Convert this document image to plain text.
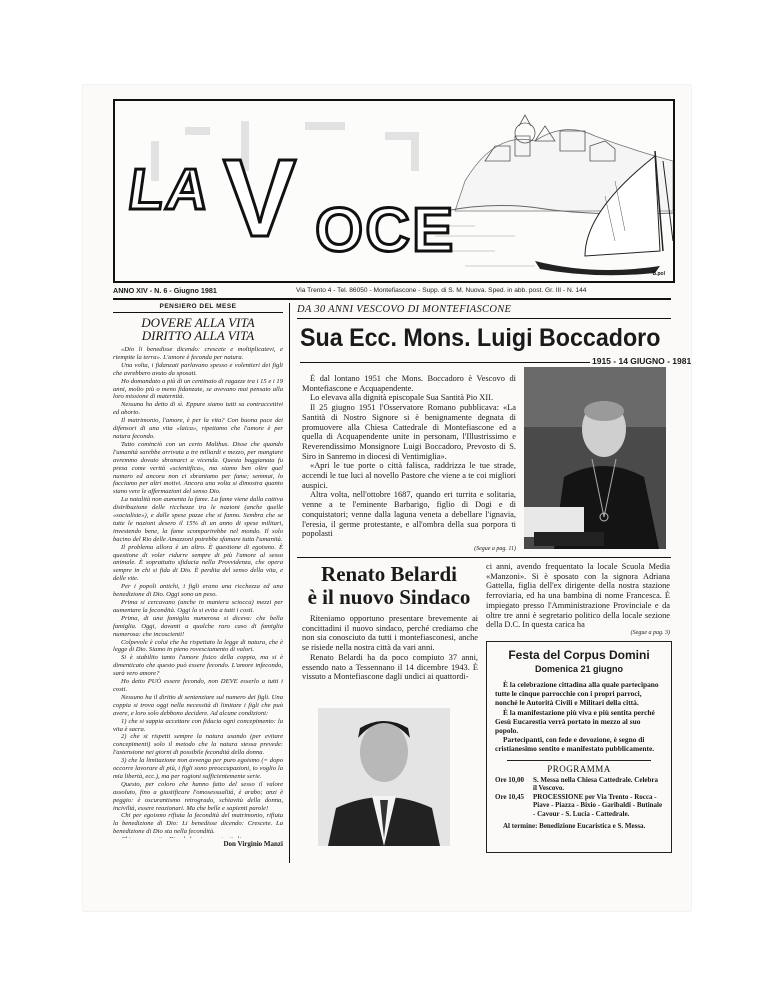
LA V OCE
B.pol
ANNO XIV - N. 6 - Giugno 1981	Via Trento 4 - Tel. 86050 - Montefiascone - Supp. di S. M. Nuova. Sped. in abb. post. Gr. III - N. 144
PENSIERO DEL MESE
DOVERE ALLA VITA
DIRITTO ALLA VITA

«Dio li benedisse dicendo: crescete e moltiplicatevi, e riempite la terra». L'amore è feconda per natura.

Una volta, i fidanzati parlavano spesso e volentieri dei figli che avrebbero avuto da sposati.

Ho domandato a più di un centinaio di ragazze tra i 15 e i 19 anni, molto più o meno fidanzate, se avevano mai pensato alla loro missione di maternità.

Nessuna ha detto di sì. Eppure siamo tutti su contraccettivi ed aborto.

Il matrimonio, l'amore, è per la vita? Con buona pace dei difensori di una vita «laica», ripetiamo che l'amore è per natura fecondo.

Tutto cominciò con un certo Malthus. Disse che quando l'umanità sarebbe arrivata a tre miliardi e mezzo, per mangiare avremmo dovuto sbranarci a vicenda. Questa baggianata fu presa come verità «scientifica», ma siamo ben oltre quel numero ed ancora non ci sbraniamo per fame; semmai, lo facciamo per altri motivi. Ancora una volta si dimostra quanto siano vere le affermazioni del senso Dio.

La natalità non aumenta la fame. La fame viene dalla cattiva distribuzione delle ricchezze tra le nazioni (anche quelle «socialiste»), e dalle spese pazze che si fanno. Sembra che se tutte le nazioni desero il 15% di un anno di spese militari, investendo bene, la fame scomparirebbe nel mondo. Il solo bacino del Rio delle Amazzoni potrebbe sfamare tutta l'umanità.

Il problema allora è un altro. È questione di egoismo. È questione di voler ridurre sempre di più l'amore al sesso animale. È soprattutto sfiducia nella Provvidenza, che opera sempre in chi si fida di Dio. È perdita del senso della vita, e delle vite.

Per i popoli antichi, i figli erano una ricchezza ed una benedizione di Dio. Oggi sono un peso.

Prima si cercavano (anche in maniera sciocca) mezzi per aumentare la fecondità. Oggi la si evita a tutti i costi.

Prima, di una famiglia numerosa si diceva: che bella famiglia. Oggi, davanti a qualche raro caso di famiglia numerosa: che incoscienti!

Colpevole è colui che ha rispettato la legge di natura, che è legge di Dio. Siamo in pieno rovesciamento di valori.

Si è stabilito tanto l'amore fisico della coppia, ma si è dimenticato che questo può essere fecondo. L'amore infecondo, sarà vero amore?

Ho detto PUÒ essere fecondo, non DEVE esserlo a tutti i costi.

Nessuno ha il diritto di sentenziare sul numero dei figli. Una coppia si trova oggi nella necessità di limitare i figli che può avere, e loro solo debbono decidere. Ad alcune condizioni:

1) che si sappia accettare con fiducia ogni concepimento: la vita è sacra.

2) che si rispetti sempre la natura usando (per evitare concepimenti) solo il metodo che la natura stessa prevede: l'astensione nei giorni di possibile fecondità della donna.

3) che la limitazione non avvenga per puro egoismo (= dopo occorre lavorare di più, i figli sono preoccupazioni, io voglio la mia libertà, ecc.), ma per ragioni sufficientemente serie.

Questo, per coloro che hanno fatto del sesso il valore assoluto, fino a giustificare l'omosessualità, è arabo; anzi è peggio: è oscurantismo retrogrado, schiavitù della donna, inciviltà, essere reazionari. Ma che belle e sapienti parole!

Chi per egoismo rifiuta la fecondità del matrimonio, rifiuta la benedizione di Dio: Li benedisse dicendo: Crescete. La benedizione di Dio sta nella fecondità.

Don Virginio Manzi
DA 30 ANNI VESCOVO DI MONTEFIASCONE
Sua Ecc. Mons. Luigi Boccadoro
1915 - 14 GIUGNO - 1981

È dal lontano 1951 che Mons. Boccadoro è Vescovo di Montefiascone e Acquapendente.

Lo elevava alla dignità episcopale Sua Santità Pio XII.

Il 25 giugno 1951 l'Osservatore Romano pubblicava: «La Santità di Nostro Signore si è benignamente degnata di promuovere alla Chiesa Cattedrale di Montefiascone ed a quella di Acquapendente unite in personam, l'Illustrissimo e Reverendissimo Monsignore Luigi Boccadoro, Prevosto di S. Siro in Sanremo in diocesi di Ventimiglia».

«Apri le tue porte o città falisca, raddrizza le tue strade, accendi le tue luci al novello Pastore che viene a te coi migliori auspici.

Altra volta, nell'ottobre 1687, quando eri turrita e solitaria, vennе a te l'eminente Barbarigo, figlio di Dogi e di conquistatori; venne dalla laguna veneta a debellare l'ignavia, l'eresia, il germe protestante, e all'ombra della sua porpora ti popolasti

(Segue a pag. 11)
Renato Belardi
è il nuovo Sindaco

Riteniamo opportuno presentare brevemente ai concittadini il nuovo sindaco, perché crediamo che non sia conosciuto da tutti i montefiasconesi, anche se risiede nella nostra città da vari anni.

Renato Belardi ha da poco compiuto 37 anni, essendo nato a Tessennano il 14 dicembre 1943. È vissuto a Montefiascone dagli undici ai quattordi-

ci anni, avendo frequentato la locale Scuola Media «Manzoni». Si è sposato con la signora Adriana Gattella, figlia dell'ex dirigente della nostra stazione ferroviaria, ed ha una bambina di nome Francesca. È impiegato presso l'Amministrazione Provinciale e da oltre tre anni è segretario politico della locale sezione della D.C. In questa carica ha

(Segue a pag. 3)
Festa del Corpus Domini
Domenica 21 giugno

È la celebrazione cittadina alla quale partecipano tutte le cinque parrocchie con i propri parroci, nonché le Autorità Civili e Militari della città.

È la manifestazione più viva e più sentita perché Gesù Eucarestia verrà portato in mezzo al suo popolo.

Partecipanti, con fede e devozione, è segno di cristianesimo sentito e manifestato pubblicamente.

PROGRAMMA
Ore 10,00	S. Messa nella Chiesa Cattedrale. Celebra il Vescovo.
Ore 10,45	PROCESSIONE per Via Trento - Rocca - Piave - Piazza - Bixio - Garibaldi - Butinale - Cavour - S. Lucia - Cattedrale.
Al termine: Benedizione Eucaristica e S. Messa.
